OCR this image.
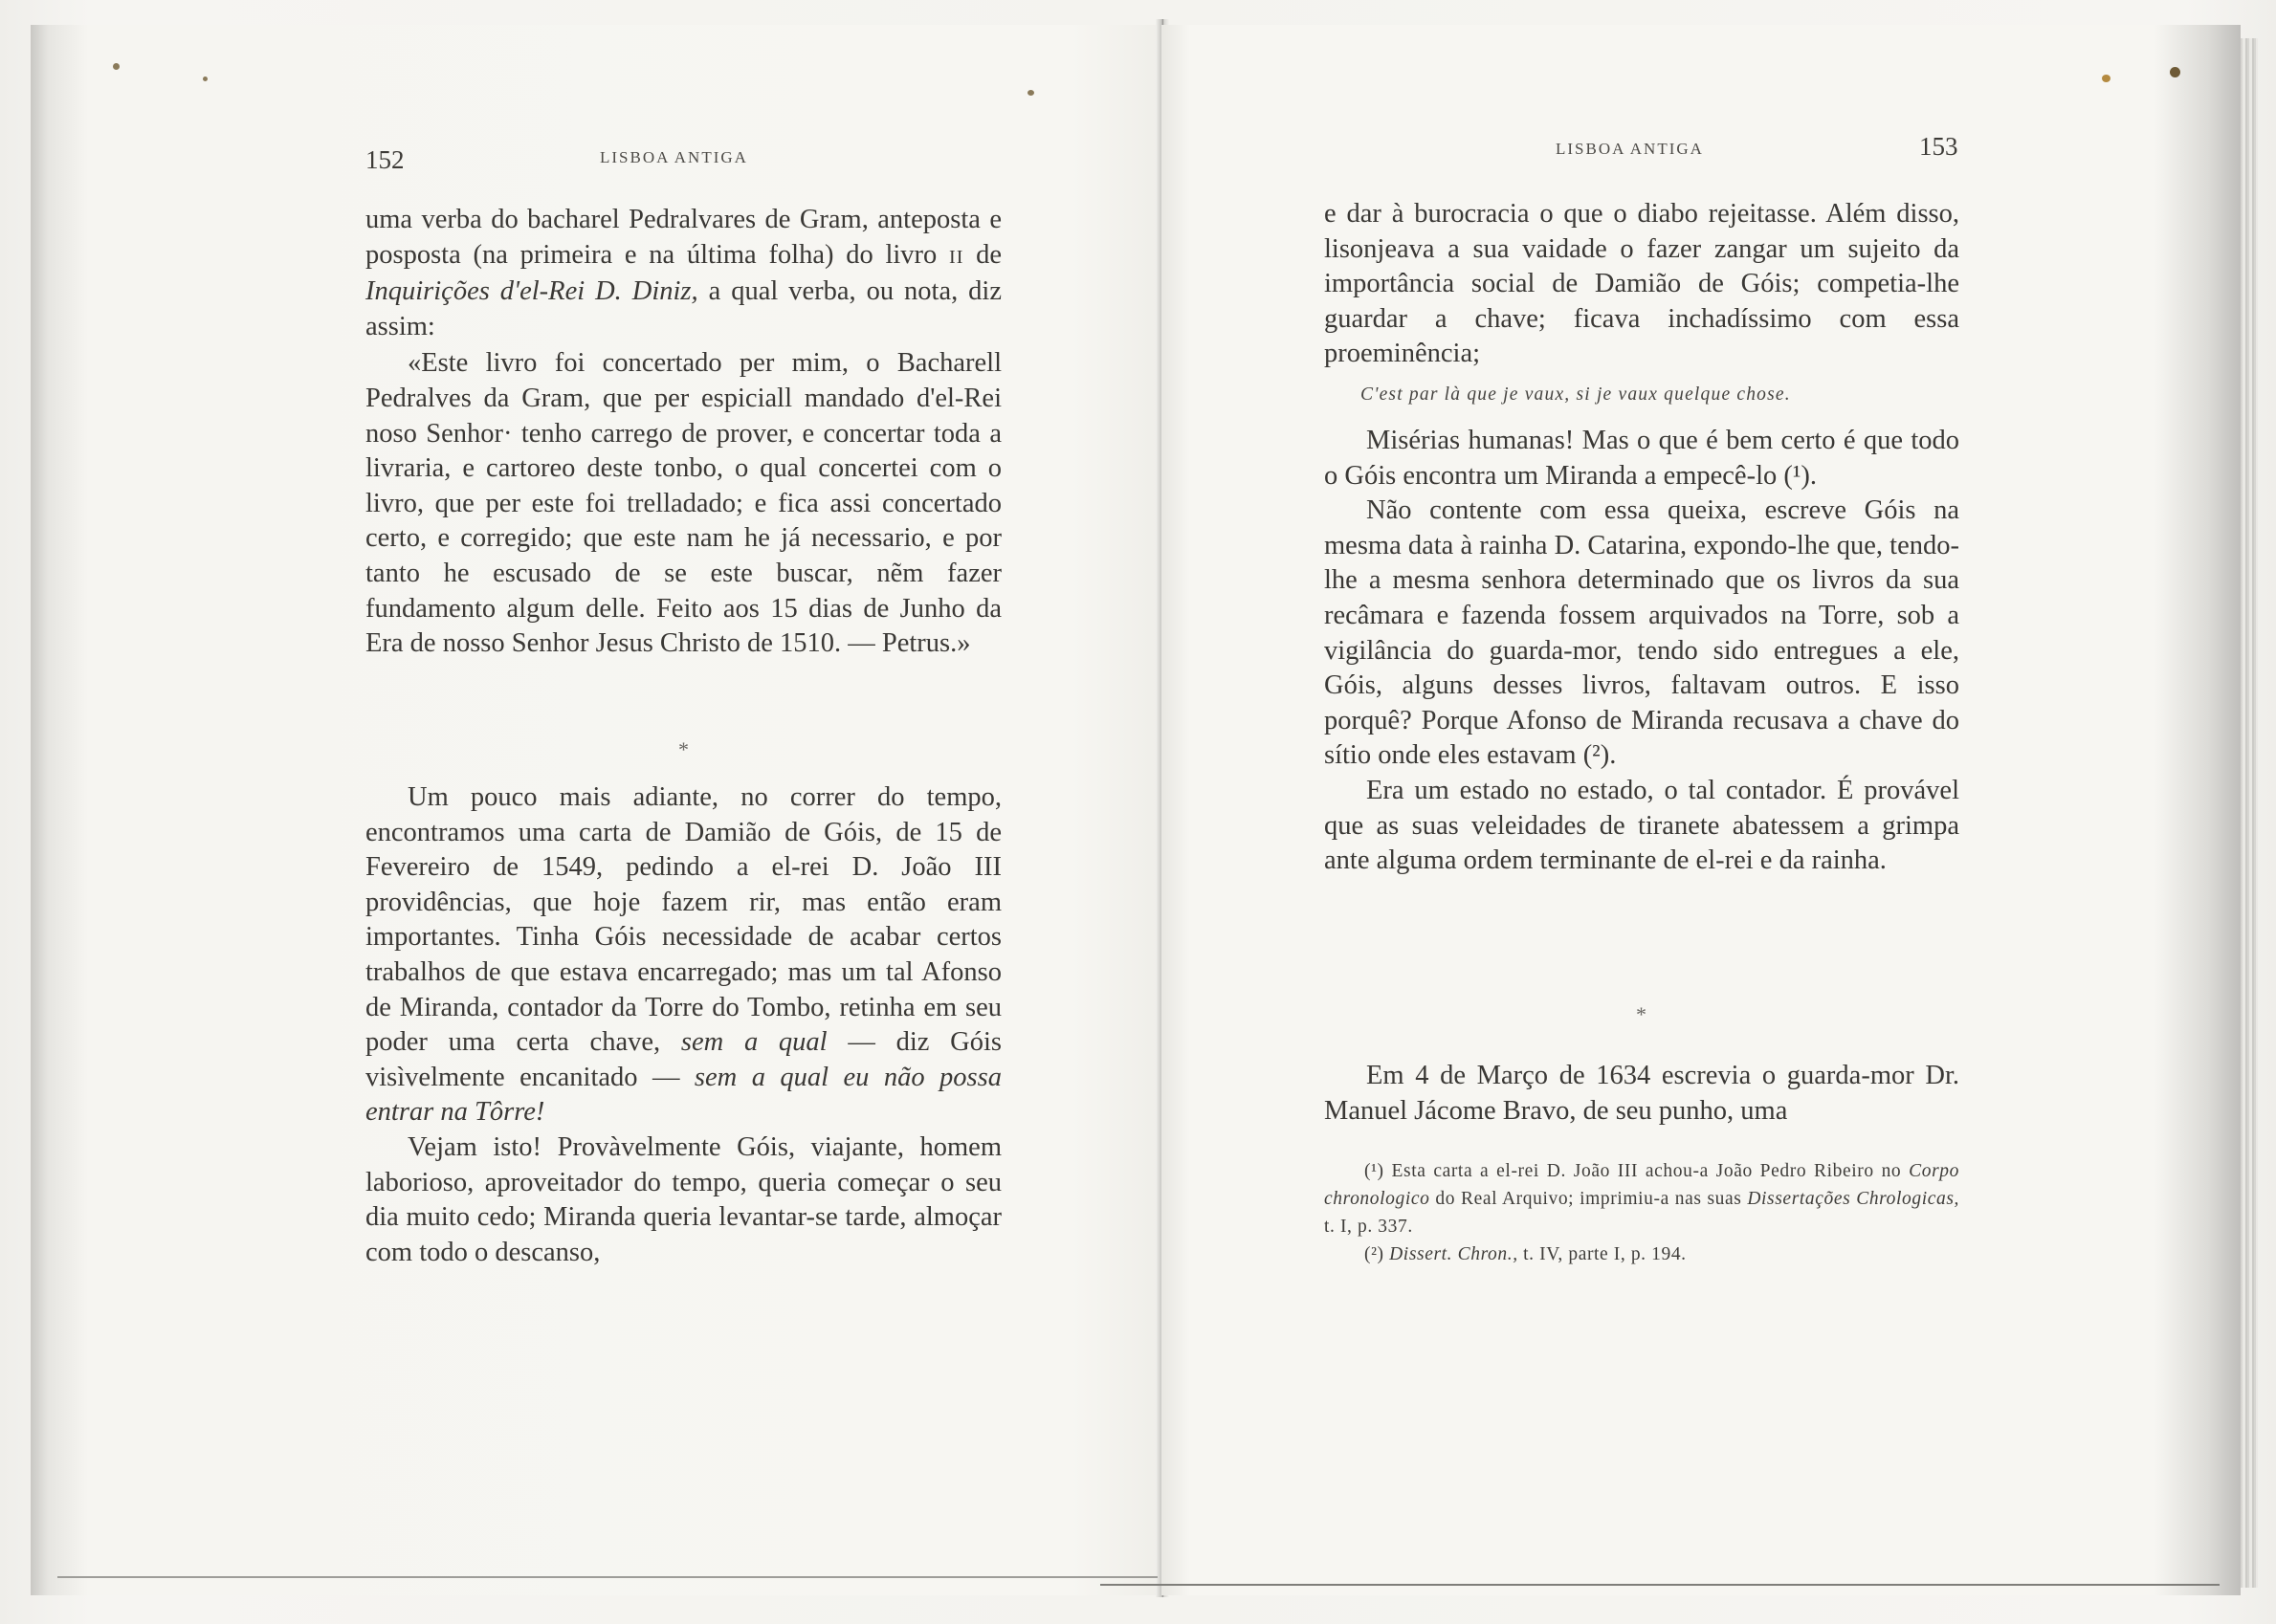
152	LISBOA ANTIGA

uma verba do bacharel Pedralvares de Gram, anteposta e posposta (na primeira e na última folha) do livro II de Inquirições d'el-Rei D. Diniz, a qual verba, ou nota, diz assim:

«Este livro foi concertado per mim, o Bacharell Pedralves da Gram, que per espiciall mandado d'el-Rei noso Senhor· tenho carrego de prover, e concertar toda a livraria, e cartoreo deste tonbo, o qual concertei com o livro, que per este foi trelladado; e fica assi concertado certo, e corregido; que este nam he já necessario, e por tanto he escusado de se este buscar, nẽm fazer fundamento algum delle. Feito aos 15 dias de Junho da Era de nosso Senhor Jesus Christo de 1510. — Petrus.»

*

Um pouco mais adiante, no correr do tempo, encontramos uma carta de Damião de Góis, de 15 de Fevereiro de 1549, pedindo a el-rei D. João III providências, que hoje fazem rir, mas então eram importantes. Tinha Góis necessidade de acabar certos trabalhos de que estava encarregado; mas um tal Afonso de Miranda, contador da Torre do Tombo, retinha em seu poder uma certa chave, sem a qual — diz Góis visìvelmente encanitado — sem a qual eu não possa entrar na Tôrre!

Vejam isto! Provàvelmente Góis, viajante, homem laborioso, aproveitador do tempo, queria começar o seu dia muito cedo; Miranda queria levantar-se tarde, almoçar com todo o descanso,

LISBOA ANTIGA	153

e dar à burocracia o que o diabo rejeitasse. Além disso, lisonjeava a sua vaidade o fazer zangar um sujeito da importância social de Damião de Góis; competia-lhe guardar a chave; ficava inchadíssimo com essa proeminência;

C'est par là que je vaux, si je vaux quelque chose.

Misérias humanas! Mas o que é bem certo é que todo o Góis encontra um Miranda a empecê-lo (¹).

Não contente com essa queixa, escreve Góis na mesma data à rainha D. Catarina, expondo-lhe que, tendo-lhe a mesma senhora determinado que os livros da sua recâmara e fazenda fossem arquivados na Torre, sob a vigilância do guarda-mor, tendo sido entregues a ele, Góis, alguns desses livros, faltavam outros. E isso porquê? Porque Afonso de Miranda recusava a chave do sítio onde eles estavam (²).

Era um estado no estado, o tal contador. É provável que as suas veleidades de tiranete abatessem a grimpa ante alguma ordem terminante de el-rei e da rainha.

*

Em 4 de Março de 1634 escrevia o guarda-mor Dr. Manuel Jácome Bravo, de seu punho, uma

(¹) Esta carta a el-rei D. João III achou-a João Pedro Ribeiro no Corpo chronologico do Real Arquivo; imprimiu-a nas suas Dissertações Chrologicas, t. I, p. 337.

(²) Dissert. Chron., t. IV, parte I, p. 194.
